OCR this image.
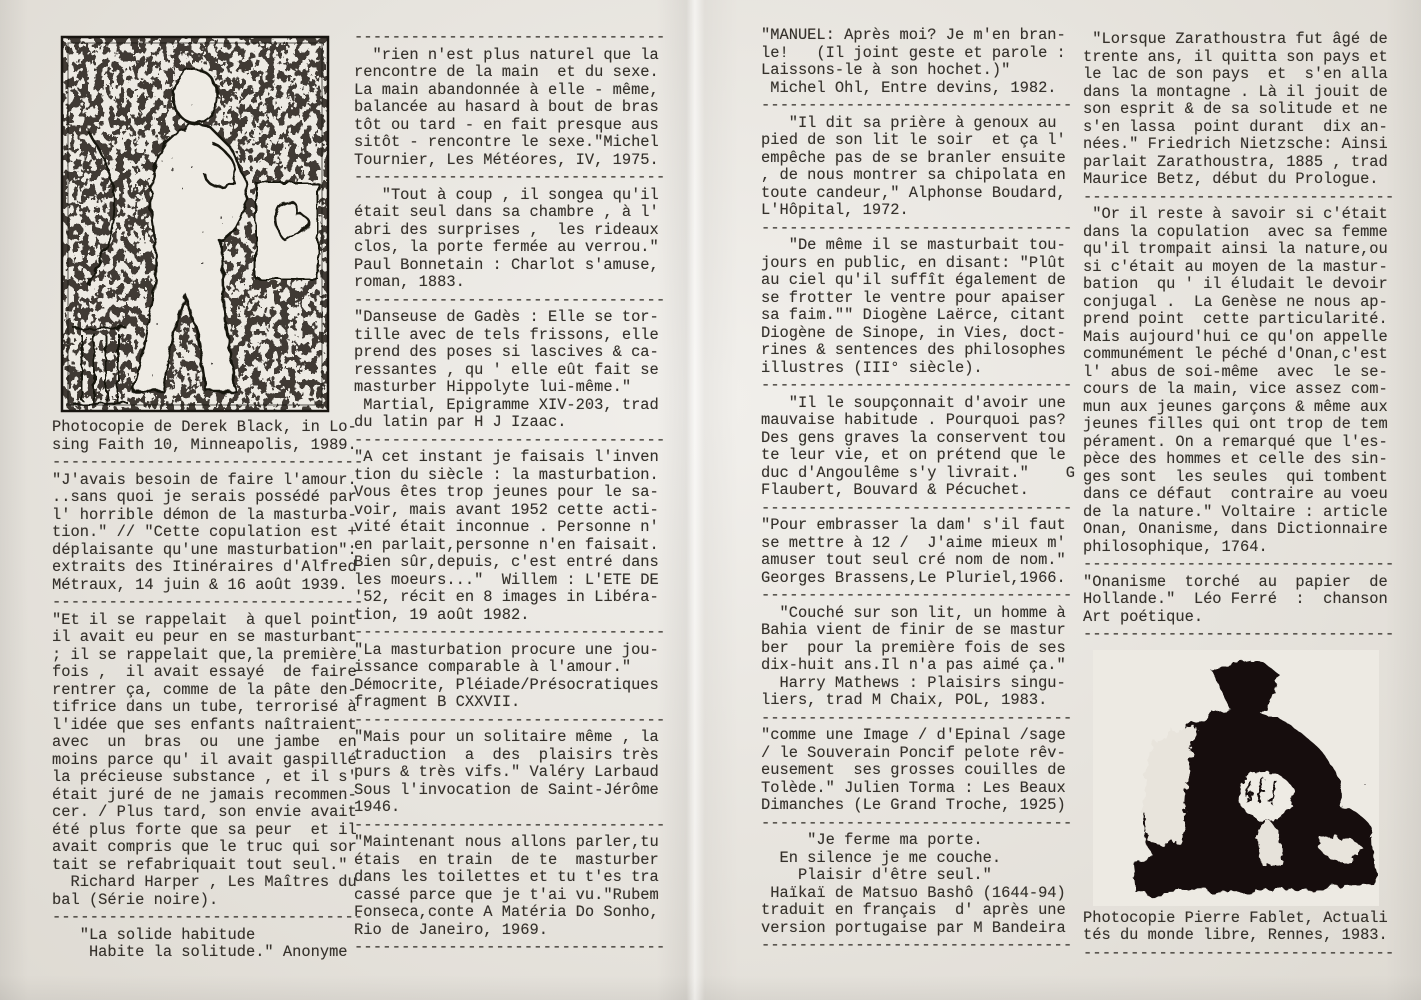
Photocopie de Derek Black, in Lo-
sing Faith 10, Minneapolis, 1989.
---------------------------------
"J'avais besoin de faire l'amour.
..sans quoi je serais possédé par
l' horrible démon de la masturba-
tion." // "Cette copulation est +
déplaisante qu'une masturbation":
extraits des Itinéraires d'Alfred
Métraux, 14 juin & 16 août 1939.
---------------------------------
"Et il se rappelait  à quel point
il avait eu peur en se masturbant
; il se rappelait que,la première
fois ,  il avait essayé  de faire
rentrer ça, comme de la pâte den-
tifrice dans un tube, terrorisé à
l'idée que ses enfants naîtraient
avec  un  bras  ou  une jambe  en
moins parce qu' il avait gaspillé
la précieuse substance , et il s'
était juré de ne jamais recommen-
cer. / Plus tard, son envie avait
été plus forte que sa peur  et il
avait compris que le truc qui sor
tait se refabriquait tout seul."
Richard Harper , Les Maîtres du
bal (Série noire).
---------------------------------
"La solide habitude
Habite la solitude." Anonyme
---------------------------------
"rien n'est plus naturel que la
rencontre de la main  et du sexe.
La main abandonnée à elle - même,
balancée au hasard à bout de bras
tôt ou tard - en fait presque aus
sitôt - rencontre le sexe."Michel
Tournier, Les Météores, IV, 1975.
---------------------------------
"Tout à coup , il songea qu'il
était seul dans sa chambre , à l'
abri des surprises ,  les rideaux
clos, la porte fermée au verrou."
Paul Bonnetain : Charlot s'amuse,
roman, 1883.
---------------------------------
"Danseuse de Gadès : Elle se tor-
tille avec de tels frissons, elle
prend des poses si lascives & ca-
ressantes , qu ' elle eût fait se
masturber Hippolyte lui-même."
Martial, Epigramme XIV-203, trad
du latin par H J Izaac.
---------------------------------
"A cet instant je faisais l'inven
tion du siècle : la masturbation.
Vous êtes trop jeunes pour le sa-
voir, mais avant 1952 cette acti-
vité était inconnue . Personne n'
en parlait,personne n'en faisait.
Bien sûr,depuis, c'est entré dans
les moeurs..."  Willem : L'ETE DE
'52, récit en 8 images in Libéra-
tion, 19 août 1982.
---------------------------------
"La masturbation procure une jou-
issance comparable à l'amour."
Démocrite, Pléiade/Présocratiques
fragment B CXXVII.
---------------------------------
"Mais pour un solitaire même , la
traduction  a  des  plaisirs très
purs & très vifs." Valéry Larbaud
Sous l'invocation de Saint-Jérôme
1946.
---------------------------------
"Maintenant nous allons parler,tu
étais  en train  de te  masturber
dans les toilettes et tu t'es tra
cassé parce que je t'ai vu."Rubem
Fonseca,conte A Matéria Do Sonho,
Rio de Janeiro, 1969.
---------------------------------
"MANUEL: Après moi? Je m'en bran-
le!   (Il joint geste et parole :
Laissons-le à son hochet.)"
Michel Ohl, Entre devins, 1982.
---------------------------------
"Il dit sa prière à genoux au
pied de son lit le soir  et ça l'
empêche pas de se branler ensuite
, de nous montrer sa chipolata en
toute candeur," Alphonse Boudard,
L'Hôpital, 1972.
---------------------------------
"De même il se masturbait tou-
jours en public, en disant: "Plût
au ciel qu'il suffît également de
se frotter le ventre pour apaiser
sa faim."" Diogène Laërce, citant
Diogène de Sinope, in Vies, doct-
rines & sentences des philosophes
illustres (III° siècle).
---------------------------------
"Il le soupçonnait d'avoir une
mauvaise habitude . Pourquoi pas?
Des gens graves la conservent tou
te leur vie, et on prétend que le
duc d'Angoulême s'y livrait."    G
Flaubert, Bouvard & Pécuchet.
---------------------------------
"Pour embrasser la dam' s'il faut
se mettre à 12 /  J'aime mieux m'
amuser tout seul cré nom de nom."
Georges Brassens,Le Pluriel,1966.
---------------------------------
"Couché sur son lit, un homme à
Bahia vient de finir de se mastur
ber  pour la première fois de ses
dix-huit ans.Il n'a pas aimé ça."
Harry Mathews : Plaisirs singu-
liers, trad M Chaix, POL, 1983.
---------------------------------
"comme une Image / d'Epinal /sage
/ le Souverain Poncif pelote rêv-
eusement  ses grosses couilles de
Tolède." Julien Torma : Les Beaux
Dimanches (Le Grand Troche, 1925)
---------------------------------
"Je ferme ma porte.
En silence je me couche.
Plaisir d'être seul."
Haïkaï de Matsuo Bashô (1644-94)
traduit en français  d' après une
version portugaise par M Bandeira
---------------------------------
"Lorsque Zarathoustra fut âgé de
trente ans, il quitta son pays et
le lac de son pays  et  s'en alla
dans la montagne . Là il jouit de
son esprit & de sa solitude et ne
s'en lassa  point durant  dix an-
nées." Friedrich Nietzsche: Ainsi
parlait Zarathoustra, 1885 , trad
Maurice Betz, début du Prologue.
---------------------------------
"Or il reste à savoir si c'était
dans la copulation  avec sa femme
qu'il trompait ainsi la nature,ou
si c'était au moyen de la mastur-
bation  qu ' il éludait le devoir
conjugal .  La Genèse ne nous ap-
prend point  cette particularité.
Mais aujourd'hui ce qu'on appelle
communément le péché d'Onan,c'est
l' abus de soi-même  avec  le se-
cours de la main, vice assez com-
mun aux jeunes garçons & même aux
jeunes filles qui ont trop de tem
pérament. On a remarqué que l'es-
pèce des hommes et celle des sin-
ges sont  les seules  qui tombent
dans ce défaut  contraire au voeu
de la nature." Voltaire : article
Onan, Onanisme, dans Dictionnaire
philosophique, 1764.
---------------------------------
"Onanisme  torché  au  papier  de
Hollande."  Léo Ferré  :  chanson
Art poétique.
---------------------------------
Photocopie Pierre Fablet, Actuali
tés du monde libre, Rennes, 1983.
---------------------------------
